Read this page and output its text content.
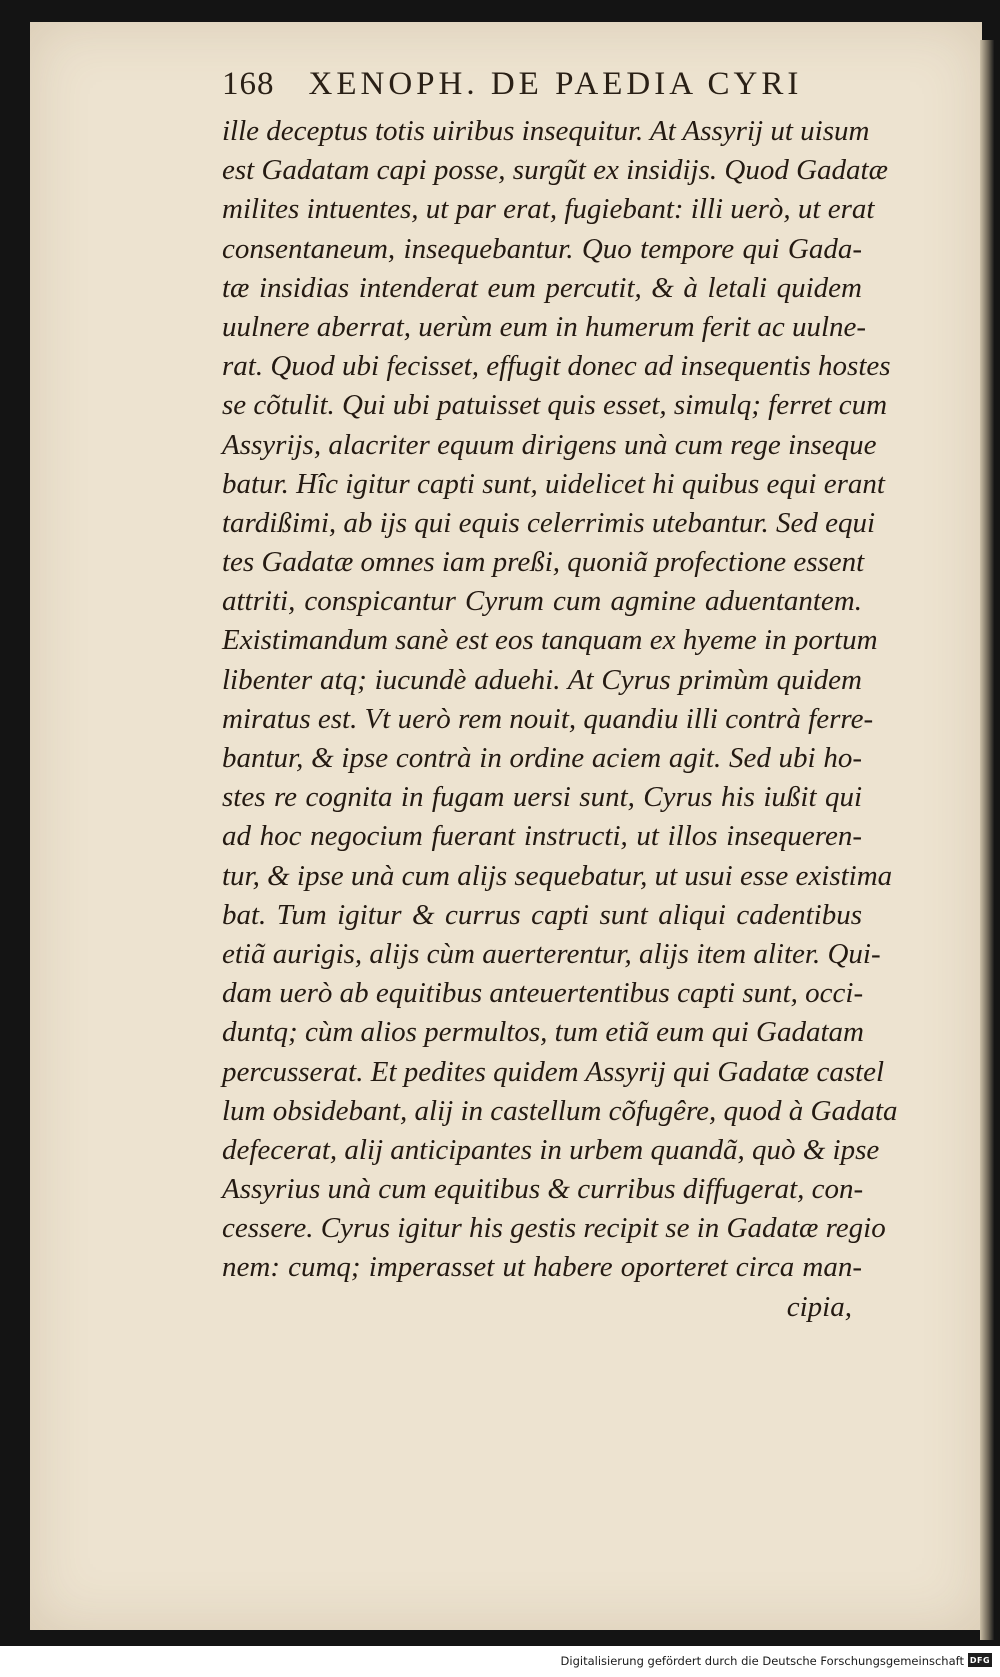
168 XENOPH. DE PAEDIA CYRI
ille deceptus totis uiribus insequitur. At Assyrij ut uisum
est Gadatam capi posse, surgũt ex insidijs. Quod Gadatæ
milites intuentes, ut par erat, fugiebant: illi uerò, ut erat
consentaneum, insequebantur. Quo tempore qui Gada-
tæ insidias intenderat eum percutit, & à letali quidem
uulnere aberrat, uerùm eum in humerum ferit ac uulne-
rat. Quod ubi fecisset, effugit donec ad insequentis hostes
se cõtulit. Qui ubi patuisset quis esset, simulq; ferret cum
Assyrijs, alacriter equum dirigens unà cum rege inseque
batur. Hîc igitur capti sunt, uidelicet hi quibus equi erant
tardißimi, ab ijs qui equis celerrimis utebantur. Sed equi
tes Gadatæ omnes iam preßi, quoniã profectione essent
attriti, conspicantur Cyrum cum agmine aduentantem.
Existimandum sanè est eos tanquam ex hyeme in portum
libenter atq; iucundè aduehi. At Cyrus primùm quidem
miratus est. Vt uerò rem nouit, quandiu illi contrà ferre-
bantur, & ipse contrà in ordine aciem agit. Sed ubi ho-
stes re cognita in fugam uersi sunt, Cyrus his iußit qui
ad hoc negocium fuerant instructi, ut illos insequeren-
tur, & ipse unà cum alijs sequebatur, ut usui esse existima
bat. Tum igitur & currus capti sunt aliqui cadentibus
etiã aurigis, alijs cùm auerterentur, alijs item aliter. Qui-
dam uerò ab equitibus anteuertentibus capti sunt, occi-
duntq; cùm alios permultos, tum etiã eum qui Gadatam
percusserat. Et pedites quidem Assyrij qui Gadatæ castel
lum obsidebant, alij in castellum cõfugêre, quod à Gadata
defecerat, alij anticipantes in urbem quandã, quò & ipse
Assyrius unà cum equitibus & curribus diffugerat, con-
cessere. Cyrus igitur his gestis recipit se in Gadatæ regio
nem: cumq; imperasset ut habere oporteret circa man-
cipia,
Digitalisierung gefördert durch die Deutsche Forschungsgemeinschaft DFG
